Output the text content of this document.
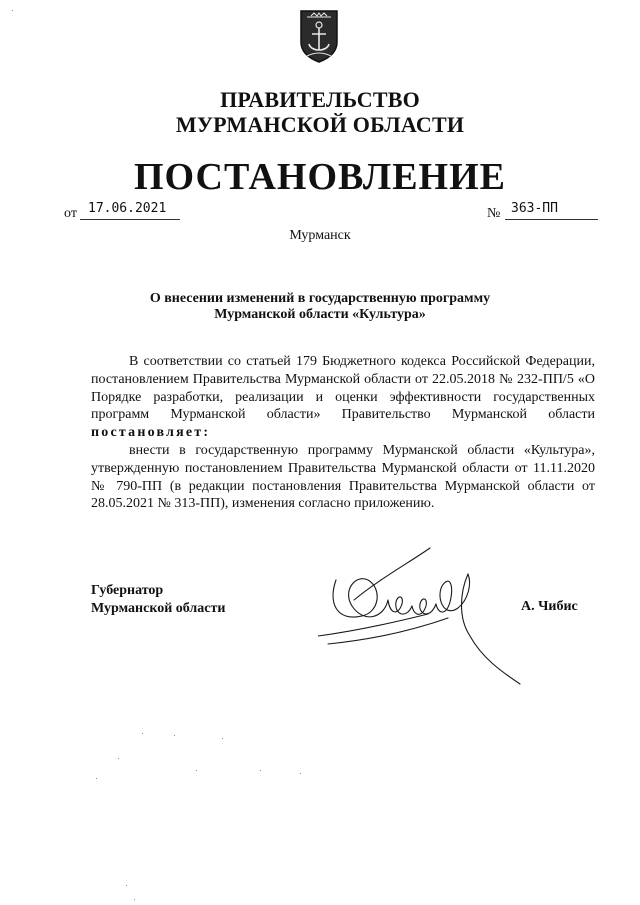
ПРАВИТЕЛЬСТВО
МУРМАНСКОЙ ОБЛАСТИ
ПОСТАНОВЛЕНИЕ
от 17.06.2021	№ 363-ПП
Мурманск
О внесении изменений в государственную программу
Мурманской области «Культура»
В соответствии со статьей 179 Бюджетного кодекса Российской Федерации, постановлением Правительства Мурманской области от 22.05.2018 № 232-ПП/5 «О Порядке разработки, реализации и оценки эффективности государственных программ Мурманской области» Правительство Мурманской области постановляет:
внести в государственную программу Мурманской области «Культура», утвержденную постановлением Правительства Мурманской области от 11.11.2020 № 790-ПП (в редакции постановления Правительства Мурманской области от 28.05.2021 № 313-ПП), изменения согласно приложению.
Губернатор
Мурманской области	А. Чибис
